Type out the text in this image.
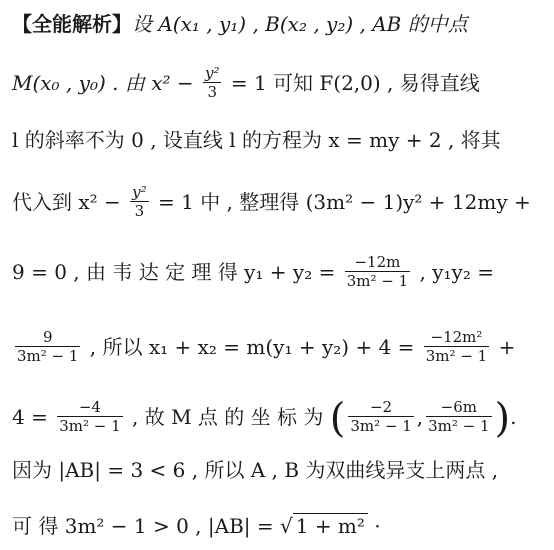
【全能解析】设 A(x₁ , y₁) , B(x₂ , y₂) , AB 的中点
M(x₀ , y₀) . 由 $x^2 - \frac{\text{y²}}{3} = 1$ 可知 F(2,0) , 易得直线
l 的斜率不为 0 , 设直线 l 的方程为 x = my + 2 , 将其
代入到 $x^2 - \frac{\text{y²}}{3} = 1$ 中 , 整理得 (3m² − 1)y² + 12my +
9 = 0 , 由 韦 达 定 理 得 $y_1 + y_2 = \frac{-12m}{\text{3m² − 1}}$ , y₁y₂ =
$\frac{9}{\text{3m² − 1}}$ , 所以 $x_1 + x_2 = m(y_1 + y_2) + 4 = \frac{\text{−12m²}}{\text{3m² − 1}}$ +
$4 = \frac{-4}{\text{3m² − 1}}$ , 故 M 点 的 坐 标 为 ( $\frac{-2}{\text{3m² − 1}}$ , $\frac{-6m}{\text{3m² − 1}}$ ).
因为 |AB| = 3 < 6 , 所以 A , B 为双曲线异支上两点 ,
可 得 3m² − 1 > 0 , |AB| = √ 1 + m² ·
